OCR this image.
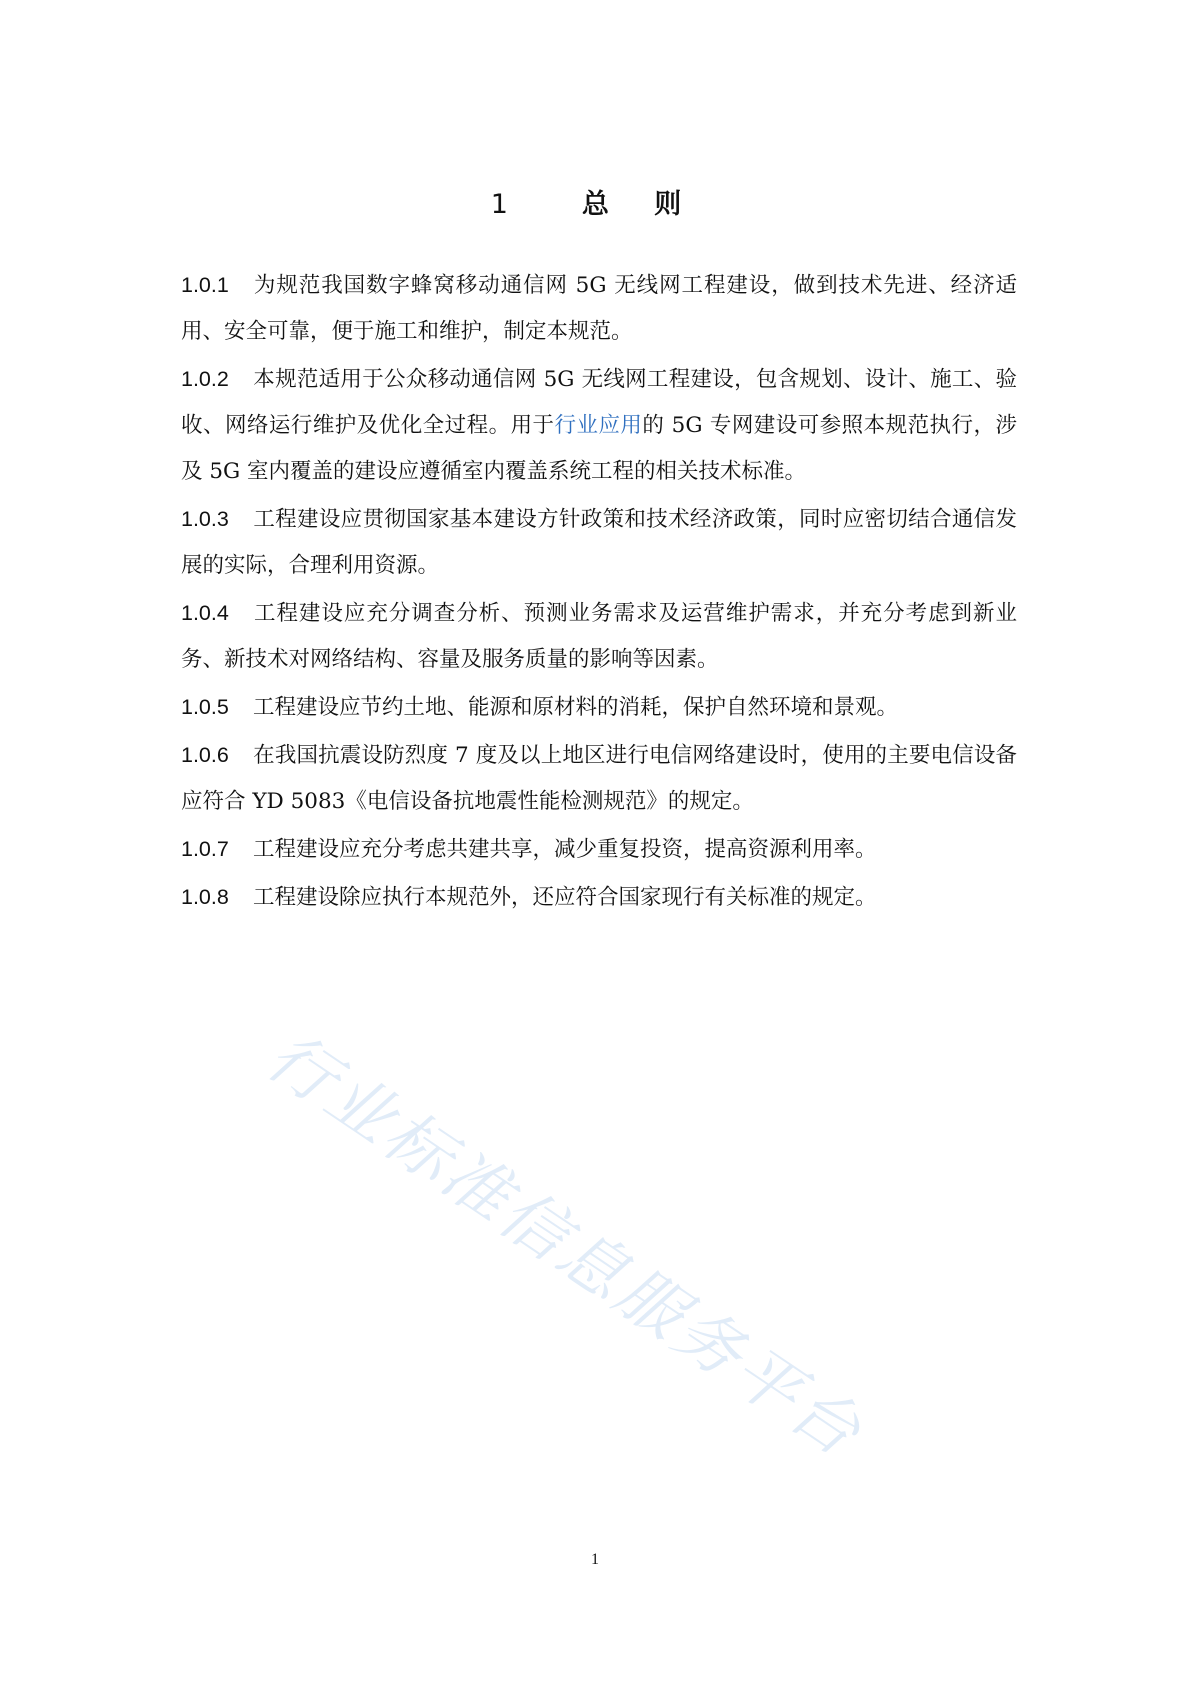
1	总 则

1.0.1 为规范我国数字蜂窝移动通信网 5G 无线网工程建设，做到技术先进、经济适用、安全可靠，便于施工和维护，制定本规范。

1.0.2 本规范适用于公众移动通信网 5G 无线网工程建设，包含规划、设计、施工、验收、网络运行维护及优化全过程。用于行业应用的 5G 专网建设可参照本规范执行，涉及 5G 室内覆盖的建设应遵循室内覆盖系统工程的相关技术标准。

1.0.3 工程建设应贯彻国家基本建设方针政策和技术经济政策，同时应密切结合通信发展的实际，合理利用资源。

1.0.4 工程建设应充分调查分析、预测业务需求及运营维护需求，并充分考虑到新业务、新技术对网络结构、容量及服务质量的影响等因素。

1.0.5 工程建设应节约土地、能源和原材料的消耗，保护自然环境和景观。

1.0.6 在我国抗震设防烈度 7 度及以上地区进行电信网络建设时，使用的主要电信设备应符合 YD 5083《电信设备抗地震性能检测规范》的规定。

1.0.7 工程建设应充分考虑共建共享，减少重复投资，提高资源利用率。

1.0.8 工程建设除应执行本规范外，还应符合国家现行有关标准的规定。

行业标准信息服务平台
1
